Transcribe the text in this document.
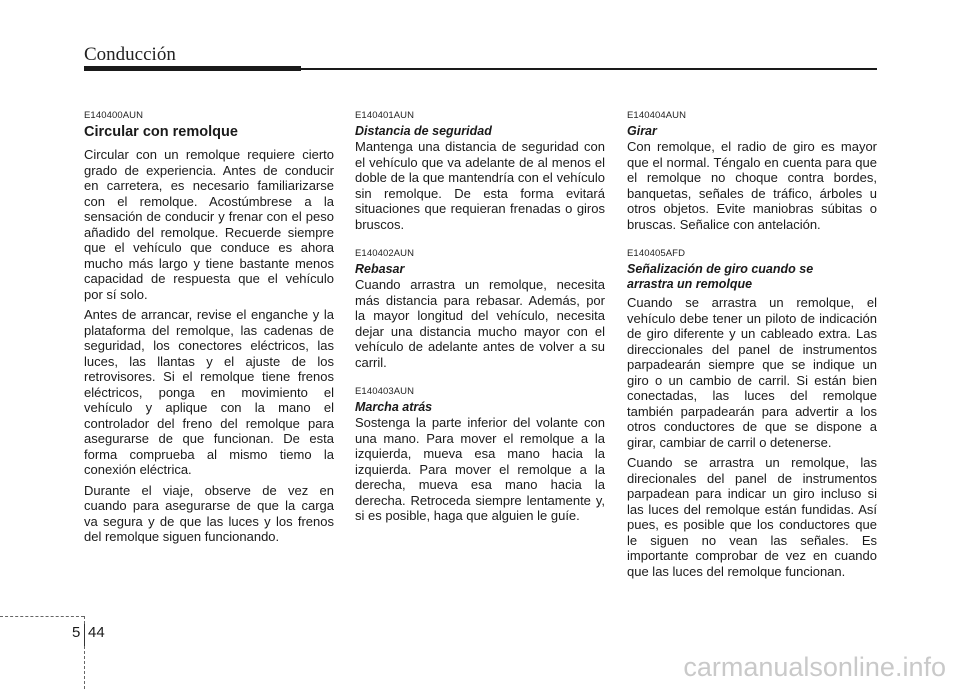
Conducción

E140400AUN

Circular con remolque

Circular con un remolque requiere cierto grado de experiencia. Antes de conducir en carretera, es necesario familiarizarse con el remolque. Acostúmbrese a la sensación de conducir y frenar con el peso añadido del remolque. Recuerde siempre que el vehículo que conduce es ahora mucho más largo y tiene bastante menos capacidad de respuesta que el vehículo por sí solo.

Antes de arrancar, revise el enganche y la plataforma del remolque, las cadenas de seguridad, los conectores eléctricos, las luces, las llantas y el ajuste de los retrovisores. Si el remolque tiene frenos eléctricos, ponga en movimiento el vehículo y aplique con la mano el controlador del freno del remolque para asegurarse de que funcionan. De esta forma comprueba al mismo tiemo la conexión eléctrica.

Durante el viaje, observe de vez en cuando para asegurarse de que la carga va segura y de que las luces y los frenos del remolque siguen funcionando.

E140401AUN

Distancia de seguridad

Mantenga una distancia de seguridad con el vehículo que va adelante de al menos el doble de la que mantendría con el vehículo sin remolque. De esta forma evitará situaciones que requieran frenadas o giros bruscos.

E140402AUN

Rebasar

Cuando arrastra un remolque, necesita más distancia para rebasar. Además, por la mayor longitud del vehículo, necesita dejar una distancia mucho mayor con el vehículo de adelante antes de volver a su carril.

E140403AUN

Marcha atrás

Sostenga la parte inferior del volante con una mano. Para mover el remolque a la izquierda, mueva esa mano hacia la izquierda. Para mover el remolque a la derecha, mueva esa mano hacia la derecha. Retroceda siempre lentamente y, si es posible, haga que alguien le guíe.

E140404AUN

Girar

Con remolque, el radio de giro es mayor que el normal. Téngalo en cuenta para que el remolque no choque contra bordes, banquetas, señales de tráfico, árboles u otros objetos. Evite maniobras súbitas o bruscas. Señalice con antelación.

E140405AFD

Señalización de giro cuando se

arrastra un remolque

Cuando se arrastra un remolque, el vehículo debe tener un piloto de indicación de giro diferente y un cableado extra. Las direccionales del panel de instrumentos parpadearán siempre que se indique un giro o un cambio de carril. Si están bien conectadas, las luces del remolque también parpadearán para advertir a los otros conductores de que se dispone a girar, cambiar de carril o detenerse.

Cuando se arrastra un remolque, las direcionales del panel de instrumentos parpadean para indicar un giro incluso si las luces del remolque están fundidas. Así pues, es posible que los conductores que le siguen no vean las señales. Es importante comprobar de vez en cuando que las luces del remolque funcionan.

5 44
carmanualsonline.info
